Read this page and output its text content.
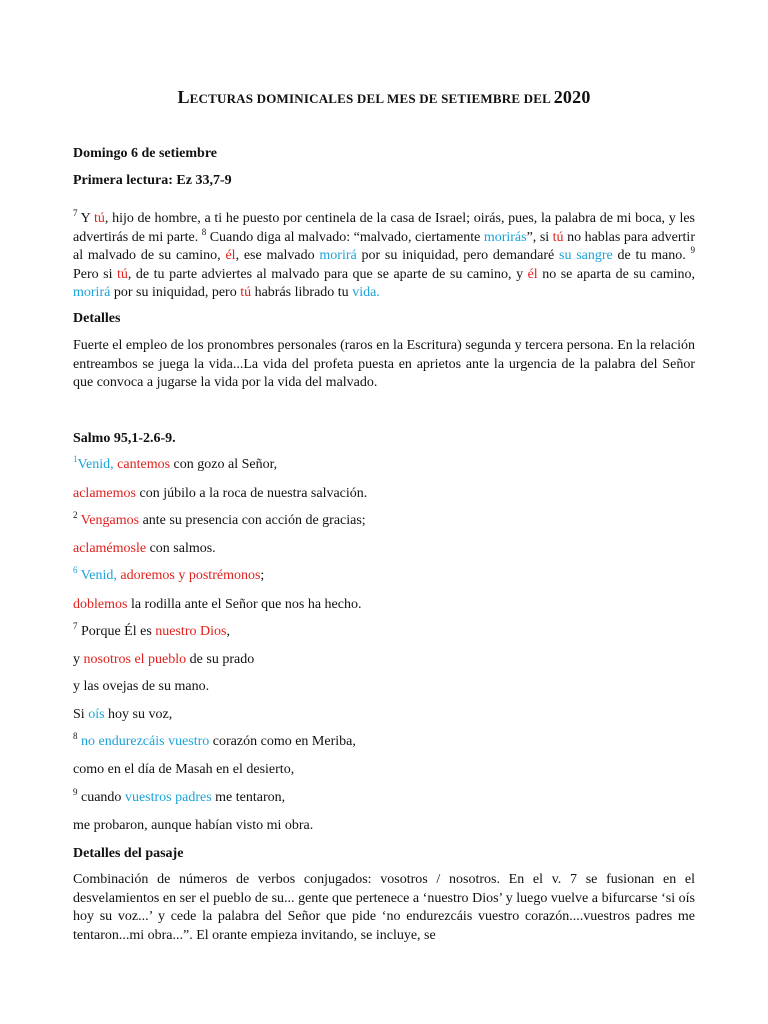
LECTURAS DOMINICALES DEL MES DE SETIEMBRE DEL 2020
Domingo 6 de setiembre
Primera lectura: Ez 33,7-9
$^7$ Y tú, hijo de hombre, a ti he puesto por centinela de la casa de Israel; oirás, pues, la palabra de mi boca, y les advertirás de mi parte. $^8$ Cuando diga al malvado: “malvado, ciertamente morirás”, si tú no hablas para advertir al malvado de su camino, él, ese malvado morirá por su iniquidad, pero demandaré su sangre de tu mano. $^9$ Pero si tú, de tu parte adviertes al malvado para que se aparte de su camino, y él no se aparta de su camino, morirá por su iniquidad, pero tú habrás librado tu vida.
Detalles
Fuerte el empleo de los pronombres personales (raros en la Escritura) segunda y tercera persona. En la relación entreambos se juega la vida...La vida del profeta puesta en aprietos ante la urgencia de la palabra del Señor que convoca a jugarse la vida por la vida del malvado.
Salmo 95,1-2.6-9.
$^1$Venid, cantemos con gozo al Señor,
aclamemos con júbilo a la roca de nuestra salvación.
$^2$ Vengamos ante su presencia con acción de gracias;
aclamémosle con salmos.
$^6$ Venid, adoremos y postrémonos;
doblemos la rodilla ante el Señor que nos ha hecho.
$^7$ Porque Él es nuestro Dios,
y nosotros el pueblo de su prado
y las ovejas de su mano.
Si oís hoy su voz,
$^8$ no endurezcáis vuestro corazón como en Meriba,
como en el día de Masah en el desierto,
$^9$ cuando vuestros padres me tentaron,
me probaron, aunque habían visto mi obra.
Detalles del pasaje
Combinación de números de verbos conjugados: vosotros / nosotros. En el v. 7 se fusionan en el desvelamientos en ser el pueblo de su... gente que pertenece a ‘nuestro Dios’ y luego vuelve a bifurcarse ‘si oís hoy su voz...’ y cede la palabra del Señor que pide ‘no endurezcáis vuestro corazón....vuestros padres me tentaron...mi obra...”. El orante empieza invitando, se incluye, se
